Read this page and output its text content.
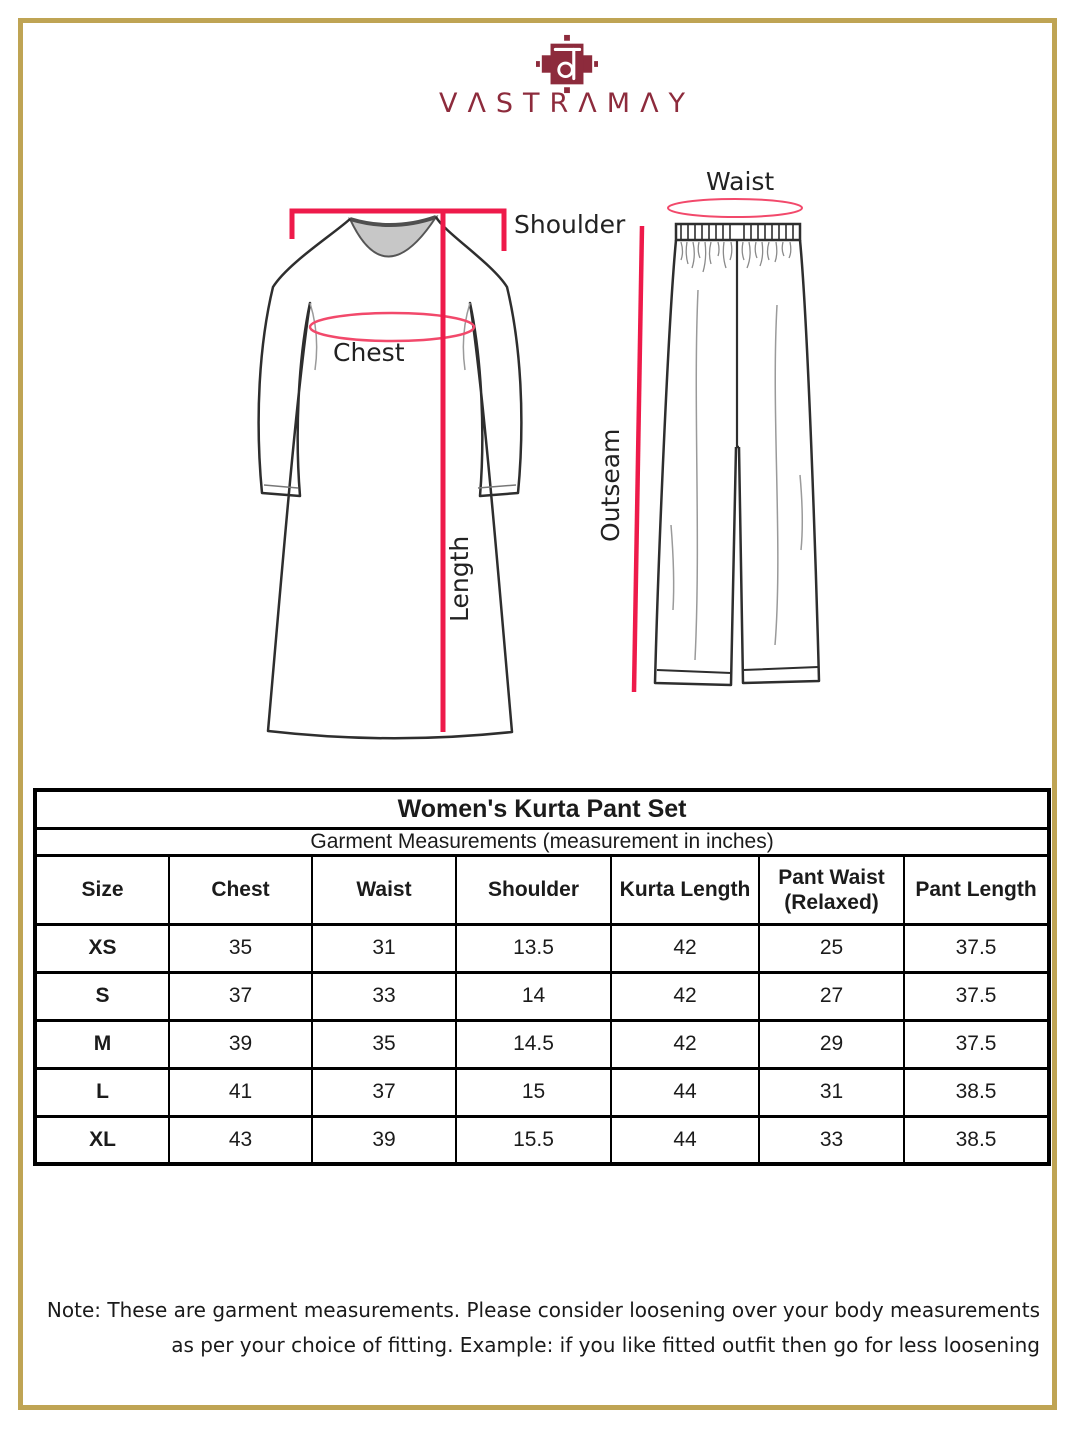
VΛSTRΛMΛY
Shoulder
Chest
Length
Waist
Outseam
Women's Kurta Pant Set						
Garment Measurements (measurement in inches)						
Size	Chest	Waist	Shoulder	Kurta Length	Pant Waist (Relaxed)	Pant Length
XS	35	31	13.5	42	25	37.5
S	37	33	14	42	27	37.5
M	39	35	14.5	42	29	37.5
L	41	37	15	44	31	38.5
XL	43	39	15.5	44	33	38.5
Note: These are garment measurements. Please consider loosening over your body measurements
as per your choice of fitting. Example: if you like fitted outfit then go for less loosening
